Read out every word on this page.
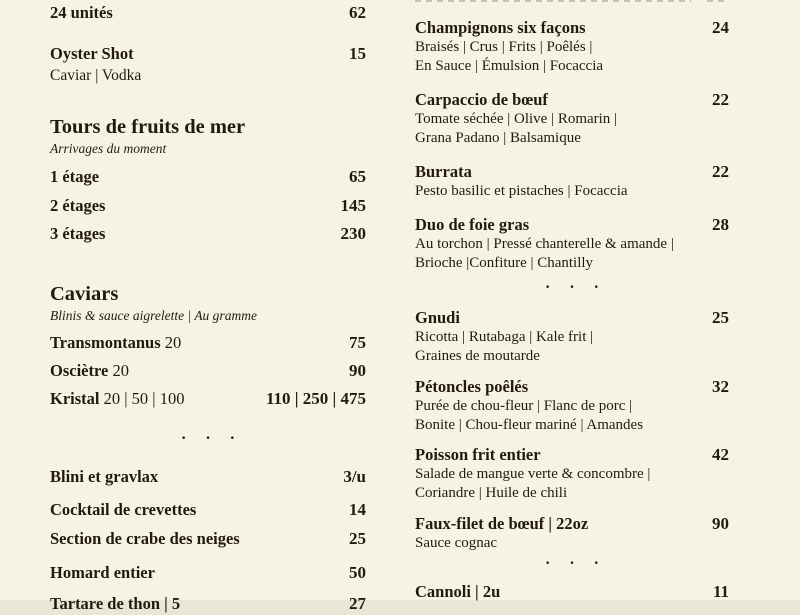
24 unités	62
Oyster Shot	15
Caviar | Vodka
Tours de fruits de mer
Arrivages du moment
1 étage	65
2 étages	145
3 étages	230
Caviars
Blinis & sauce aigrelette | Au gramme
Transmontanus 20	75
Osciètre 20	90
Kristal 20 | 50 | 100	110 | 250 | 475
· · ·
Blini et gravlax	3/u
Cocktail de crevettes	14
Section de crabe des neiges	25
Homard entier	50
Tartare de thon | 5	27
Champignons six façons	24
Braisés | Crus | Frits | Poêlés |
En Sauce | Émulsion | Focaccia
Carpaccio de bœuf	22
Tomate séchée | Olive | Romarin |
Grana Padano | Balsamique
Burrata	22
Pesto basilic et pistaches | Focaccia
Duo de foie gras	28
Au torchon | Pressé chanterelle & amande |
Brioche |Confiture | Chantilly
· · ·
Gnudi	25
Ricotta | Rutabaga | Kale frit |
Graines de moutarde
Pétoncles poêlés	32
Purée de chou-fleur | Flanc de porc |
Bonite | Chou-fleur mariné | Amandes
Poisson frit entier	42
Salade de mangue verte & concombre |
Coriandre | Huile de chili
Faux-filet de bœuf | 22oz	90
Sauce cognac
· · ·
Cannoli | 2u	11
